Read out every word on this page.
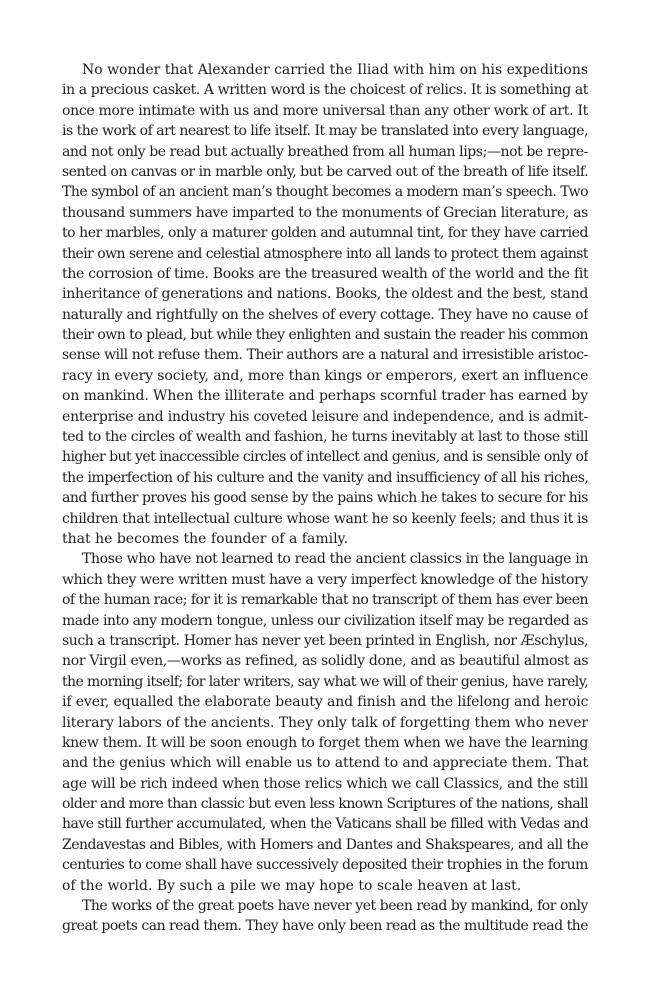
No wonder that Alexander carried the Iliad with him on his expeditions
in a precious casket. A written word is the choicest of relics. It is something at
once more intimate with us and more universal than any other work of art. It
is the work of art nearest to life itself. It may be translated into every language,
and not only be read but actually breathed from all human lips;—not be repre-
sented on canvas or in marble only, but be carved out of the breath of life itself.
The symbol of an ancient man’s thought becomes a modern man’s speech. Two
thousand summers have imparted to the monuments of Grecian literature, as
to her marbles, only a maturer golden and autumnal tint, for they have carried
their own serene and celestial atmosphere into all lands to protect them against
the corrosion of time. Books are the treasured wealth of the world and the fit
inheritance of generations and nations. Books, the oldest and the best, stand
naturally and rightfully on the shelves of every cottage. They have no cause of
their own to plead, but while they enlighten and sustain the reader his common
sense will not refuse them. Their authors are a natural and irresistible aristoc-
racy in every society, and, more than kings or emperors, exert an influence
on mankind. When the illiterate and perhaps scornful trader has earned by
enterprise and industry his coveted leisure and independence, and is admit-
ted to the circles of wealth and fashion, he turns inevitably at last to those still
higher but yet inaccessible circles of intellect and genius, and is sensible only of
the imperfection of his culture and the vanity and insufficiency of all his riches,
and further proves his good sense by the pains which he takes to secure for his
children that intellectual culture whose want he so keenly feels; and thus it is
that he becomes the founder of a family.
Those who have not learned to read the ancient classics in the language in
which they were written must have a very imperfect knowledge of the history
of the human race; for it is remarkable that no transcript of them has ever been
made into any modern tongue, unless our civilization itself may be regarded as
such a transcript. Homer has never yet been printed in English, nor Æschylus,
nor Virgil even,—works as refined, as solidly done, and as beautiful almost as
the morning itself; for later writers, say what we will of their genius, have rarely,
if ever, equalled the elaborate beauty and finish and the lifelong and heroic
literary labors of the ancients. They only talk of forgetting them who never
knew them. It will be soon enough to forget them when we have the learning
and the genius which will enable us to attend to and appreciate them. That
age will be rich indeed when those relics which we call Classics, and the still
older and more than classic but even less known Scriptures of the nations, shall
have still further accumulated, when the Vaticans shall be filled with Vedas and
Zendavestas and Bibles, with Homers and Dantes and Shakspeares, and all the
centuries to come shall have successively deposited their trophies in the forum
of the world. By such a pile we may hope to scale heaven at last.
The works of the great poets have never yet been read by mankind, for only
great poets can read them. They have only been read as the multitude read the
